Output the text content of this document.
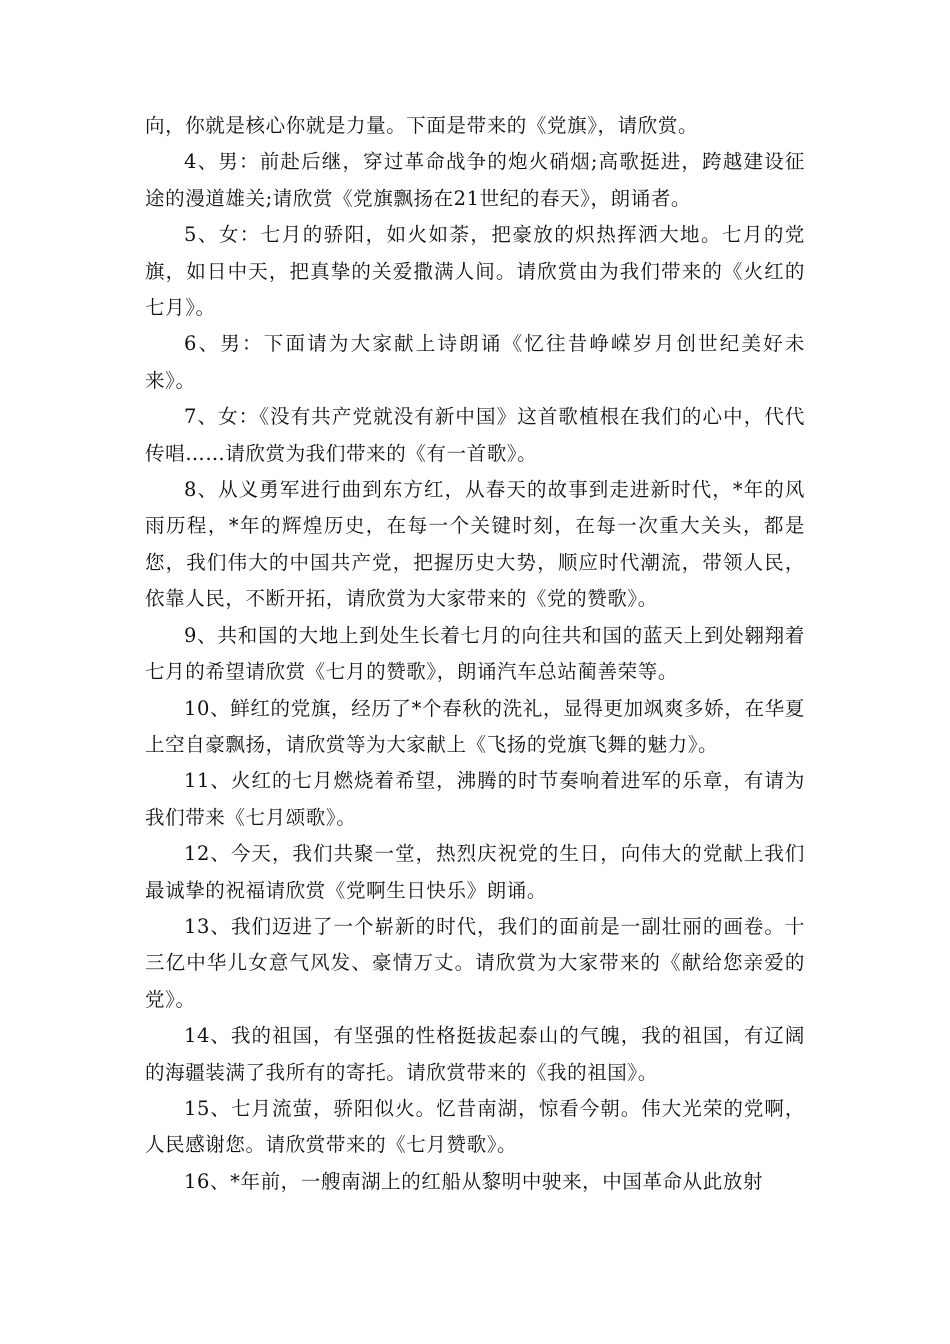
向，你就是核心你就是力量。下面是带来的《党旗》，请欣赏。

4、男：前赴后继，穿过革命战争的炮火硝烟;高歌挺进，跨越建设征途的漫道雄关;请欣赏《党旗飘扬在21世纪的春天》，朗诵者。

5、女：七月的骄阳，如火如荼，把豪放的炽热挥洒大地。七月的党旗，如日中天，把真挚的关爱撒满人间。请欣赏由为我们带来的《火红的七月》。

6、男：下面请为大家献上诗朗诵《忆往昔峥嵘岁月创世纪美好未来》。

7、女：《没有共产党就没有新中国》这首歌植根在我们的心中，代代传唱……请欣赏为我们带来的《有一首歌》。

8、从义勇军进行曲到东方红，从春天的故事到走进新时代，*年的风雨历程，*年的辉煌历史，在每一个关键时刻，在每一次重大关头，都是您，我们伟大的中国共产党，把握历史大势，顺应时代潮流，带领人民，依靠人民，不断开拓，请欣赏为大家带来的《党的赞歌》。

9、共和国的大地上到处生长着七月的向往共和国的蓝天上到处翱翔着七月的希望请欣赏《七月的赞歌》，朗诵汽车总站蔺善荣等。

10、鲜红的党旗，经历了*个春秋的洗礼，显得更加飒爽多娇，在华夏上空自豪飘扬，请欣赏等为大家献上《飞扬的党旗飞舞的魅力》。

11、火红的七月燃烧着希望，沸腾的时节奏响着进军的乐章，有请为我们带来《七月颂歌》。

12、今天，我们共聚一堂，热烈庆祝党的生日，向伟大的党献上我们最诚挚的祝福请欣赏《党啊生日快乐》朗诵。

13、我们迈进了一个崭新的时代，我们的面前是一副壮丽的画卷。十三亿中华儿女意气风发、豪情万丈。请欣赏为大家带来的《献给您亲爱的党》。

14、我的祖国，有坚强的性格挺拔起泰山的气魄，我的祖国，有辽阔的海疆装满了我所有的寄托。请欣赏带来的《我的祖国》。

15、七月流萤，骄阳似火。忆昔南湖，惊看今朝。伟大光荣的党啊，人民感谢您。请欣赏带来的《七月赞歌》。

16、*年前，一艘南湖上的红船从黎明中驶来，中国革命从此放射
